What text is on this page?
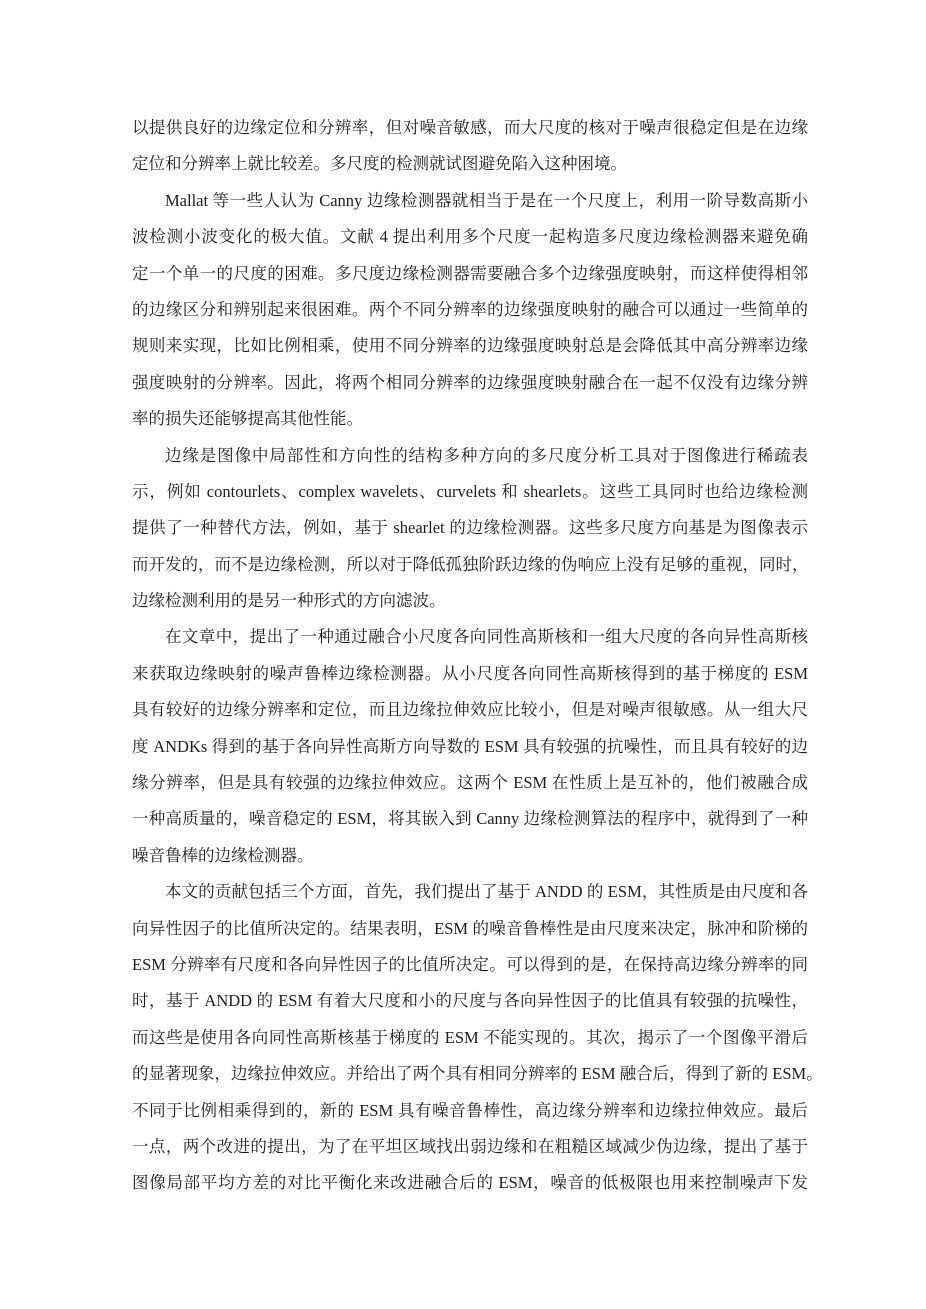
以提供良好的边缘定位和分辨率，但对噪音敏感，而大尺度的核对于噪声很稳定但是在边缘
定位和分辨率上就比较差。多尺度的检测就试图避免陷入这种困境。
Mallat 等一些人认为 Canny 边缘检测器就相当于是在一个尺度上，利用一阶导数高斯小
波检测小波变化的极大值。文献 4 提出利用多个尺度一起构造多尺度边缘检测器来避免确
定一个单一的尺度的困难。多尺度边缘检测器需要融合多个边缘强度映射，而这样使得相邻
的边缘区分和辨别起来很困难。两个不同分辨率的边缘强度映射的融合可以通过一些简单的
规则来实现，比如比例相乘，使用不同分辨率的边缘强度映射总是会降低其中高分辨率边缘
强度映射的分辨率。因此，将两个相同分辨率的边缘强度映射融合在一起不仅没有边缘分辨
率的损失还能够提高其他性能。
边缘是图像中局部性和方向性的结构多种方向的多尺度分析工具对于图像进行稀疏表
示，例如 contourlets、complex wavelets、curvelets 和 shearlets。这些工具同时也给边缘检测
提供了一种替代方法，例如，基于 shearlet 的边缘检测器。这些多尺度方向基是为图像表示
而开发的，而不是边缘检测，所以对于降低孤独阶跃边缘的伪响应上没有足够的重视，同时，
边缘检测利用的是另一种形式的方向滤波。
在文章中，提出了一种通过融合小尺度各向同性高斯核和一组大尺度的各向异性高斯核
来获取边缘映射的噪声鲁棒边缘检测器。从小尺度各向同性高斯核得到的基于梯度的 ESM
具有较好的边缘分辨率和定位，而且边缘拉伸效应比较小，但是对噪声很敏感。从一组大尺
度 ANDKs 得到的基于各向异性高斯方向导数的 ESM 具有较强的抗噪性，而且具有较好的边
缘分辨率，但是具有较强的边缘拉伸效应。这两个 ESM 在性质上是互补的，他们被融合成
一种高质量的，噪音稳定的 ESM，将其嵌入到 Canny 边缘检测算法的程序中，就得到了一种
噪音鲁棒的边缘检测器。
本文的贡献包括三个方面，首先，我们提出了基于 ANDD 的 ESM，其性质是由尺度和各
向异性因子的比值所决定的。结果表明，ESM 的噪音鲁棒性是由尺度来决定，脉冲和阶梯的
ESM 分辨率有尺度和各向异性因子的比值所决定。可以得到的是，在保持高边缘分辨率的同
时，基于 ANDD 的 ESM 有着大尺度和小的尺度与各向异性因子的比值具有较强的抗噪性，
而这些是使用各向同性高斯核基于梯度的 ESM 不能实现的。其次，揭示了一个图像平滑后
的显著现象，边缘拉伸效应。并给出了两个具有相同分辨率的 ESM 融合后，得到了新的 ESM。
不同于比例相乘得到的，新的 ESM 具有噪音鲁棒性，高边缘分辨率和边缘拉伸效应。最后
一点，两个改进的提出，为了在平坦区域找出弱边缘和在粗糙区域减少伪边缘，提出了基于
图像局部平均方差的对比平衡化来改进融合后的 ESM，噪音的低极限也用来控制噪声下发
